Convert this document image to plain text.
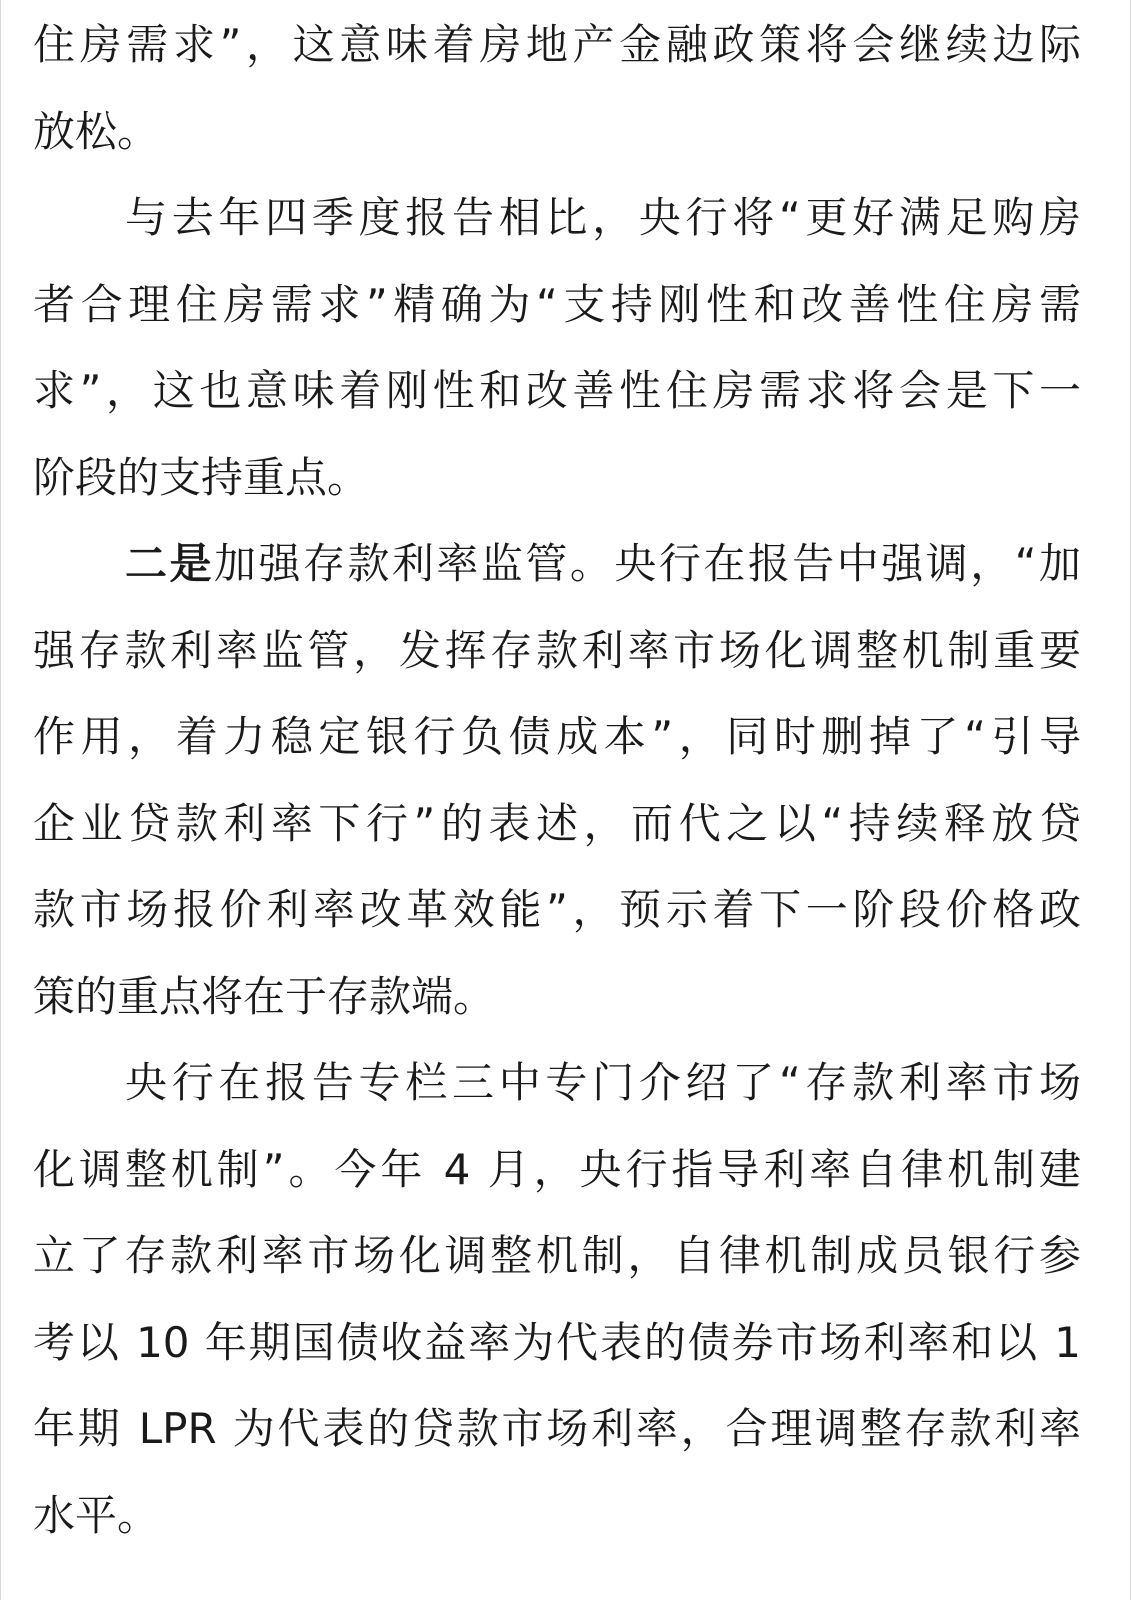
住房需求”，这意味着房地产金融政策将会继续边际
放松。
与去年四季度报告相比，央行将“更好满足购房
者合理住房需求”精确为“支持刚性和改善性住房需
求”，这也意味着刚性和改善性住房需求将会是下一
阶段的支持重点。
二是加强存款利率监管。央行在报告中强调，“加
强存款利率监管，发挥存款利率市场化调整机制重要
作用，着力稳定银行负债成本”，同时删掉了“引导
企业贷款利率下行”的表述，而代之以“持续释放贷
款市场报价利率改革效能”，预示着下一阶段价格政
策的重点将在于存款端。
央行在报告专栏三中专门介绍了“存款利率市场
化调整机制”。今年 4 月，央行指导利率自律机制建
立了存款利率市场化调整机制，自律机制成员银行参
考以 10 年期国债收益率为代表的债券市场利率和以 1
年期 LPR 为代表的贷款市场利率，合理调整存款利率
水平。
